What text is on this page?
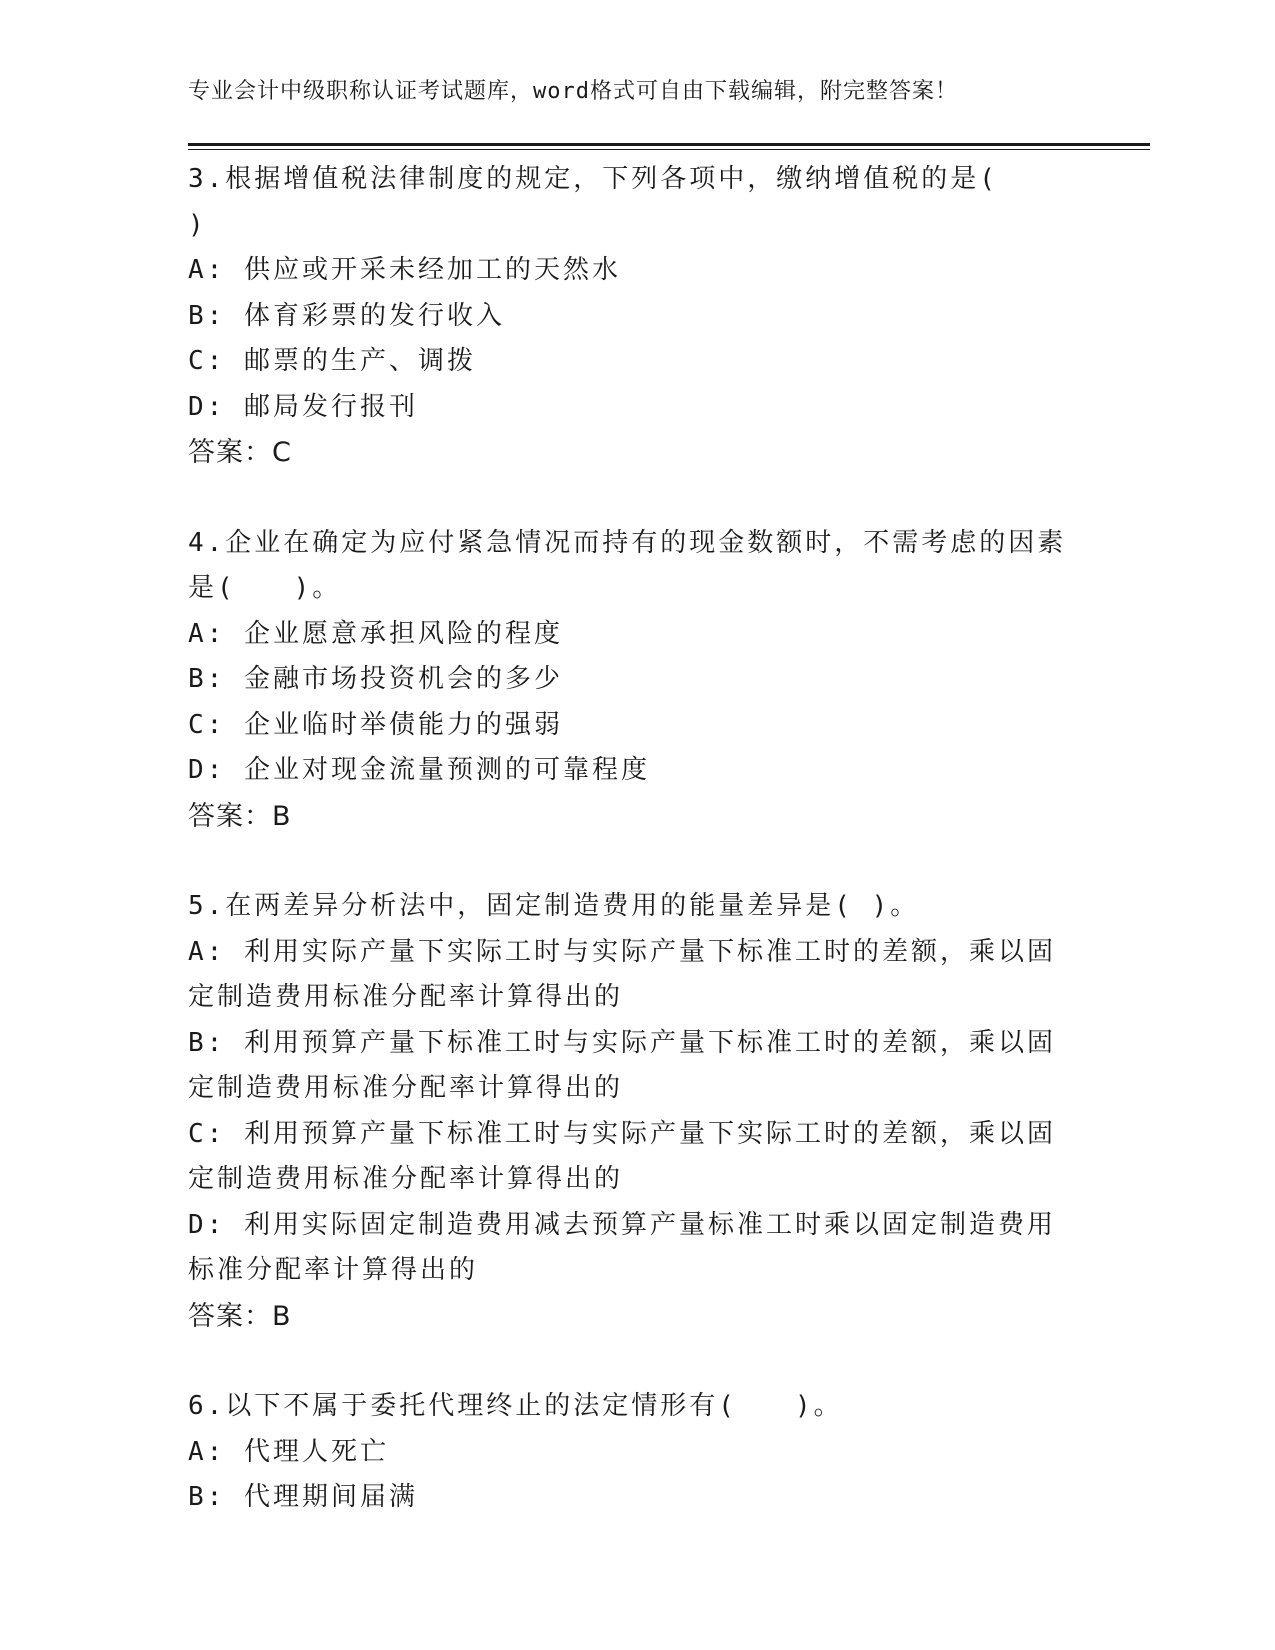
专业会计中级职称认证考试题库，word格式可自由下载编辑，附完整答案！

3.根据增值税法律制度的规定，下列各项中，缴纳增值税的是(　　)

A: 供应或开采未经加工的天然水

B: 体育彩票的发行收入

C: 邮票的生产、调拨

D: 邮局发行报刊

答案：C

4.企业在确定为应付紧急情况而持有的现金数额时，不需考虑的因素是(　　)。

A: 企业愿意承担风险的程度

B: 金融市场投资机会的多少

C: 企业临时举债能力的强弱

D: 企业对现金流量预测的可靠程度

答案：B

5.在两差异分析法中，固定制造费用的能量差异是( )。

A: 利用实际产量下实际工时与实际产量下标准工时的差额，乘以固定制造费用标准分配率计算得出的

B: 利用预算产量下标准工时与实际产量下标准工时的差额，乘以固定制造费用标准分配率计算得出的

C: 利用预算产量下标准工时与实际产量下实际工时的差额，乘以固定制造费用标准分配率计算得出的

D: 利用实际固定制造费用减去预算产量标准工时乘以固定制造费用标准分配率计算得出的

答案：B

6.以下不属于委托代理终止的法定情形有(　　)。

A: 代理人死亡

B: 代理期间届满
